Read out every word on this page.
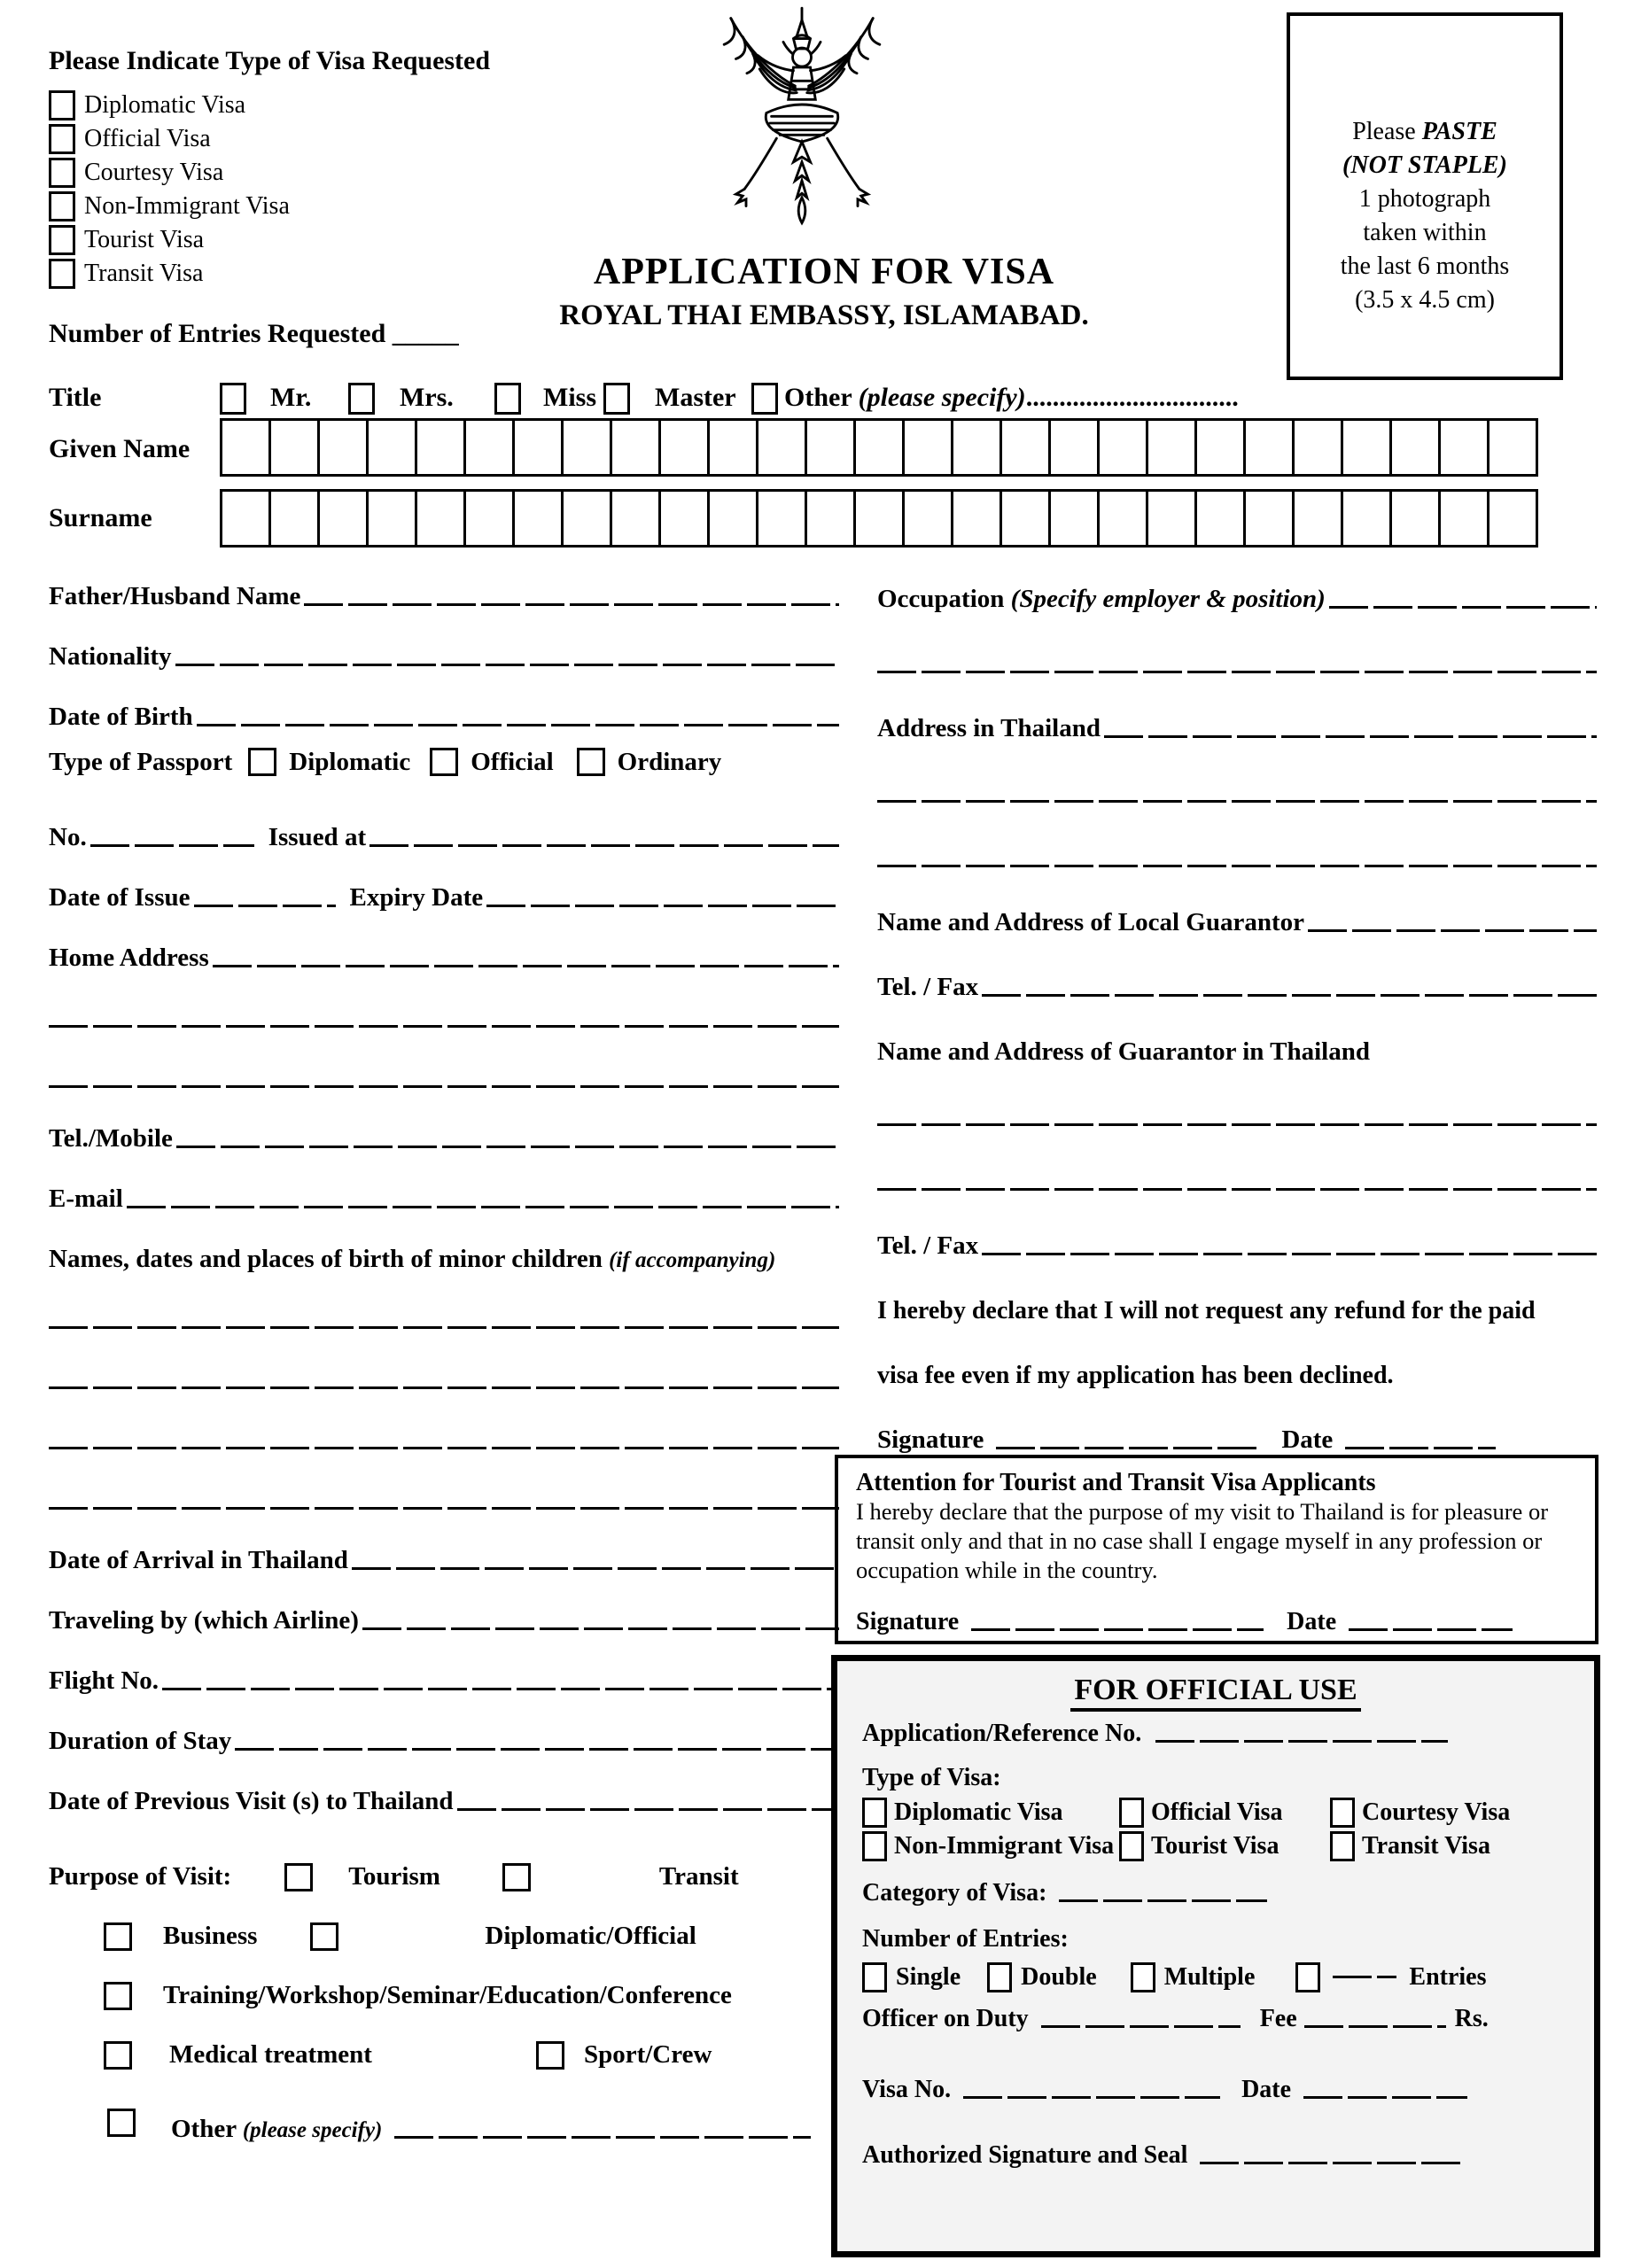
Please Indicate Type of Visa Requested
Diplomatic Visa
Official Visa
Courtesy Visa
Non-Immigrant Visa
Tourist Visa
Transit Visa
Please PASTE
(NOT STAPLE)
1 photograph
taken within
the last 6 months
(3.5 x 4.5 cm)
APPLICATION FOR VISA
ROYAL THAI EMBASSY, ISLAMABAD.
Number of Entries Requested _____
Title	Mr.	Mrs.	Miss Master Other (please specify)................................
Given Name
Surname
Father/Husband Name
Nationality
Date of Birth
Type of Passport Diplomatic Official Ordinary
No.	Issued at
Date of Issue	Expiry Date
Home Address
Tel./Mobile
E-mail
Names, dates and places of birth of minor children (if accompanying)
Date of Arrival in Thailand
Traveling by (which Airline)
Flight No.
Duration of Stay
Date of Previous Visit (s) to Thailand
Purpose of Visit:	Tourism	Transit
Business	Diplomatic/Official
Training/Workshop/Seminar/Education/Conference
Medical treatment	Sport/Crew
Other (please specify)
Occupation (Specify employer & position)
Address in Thailand
Name and Address of Local Guarantor
Tel. / Fax
Name and Address of Guarantor in Thailand
Tel. / Fax
I hereby declare that I will not request any refund for the paid
visa fee even if my application has been declined.
Signature	Date
Attention for Tourist and Transit Visa Applicants
I hereby declare that the purpose of my visit to Thailand is for pleasure or transit only and that in no case shall I engage myself in any profession or occupation while in the country.
Signature	Date
FOR OFFICIAL USE
Application/Reference No.
Type of Visa:
Diplomatic Visa	Official Visa	Courtesy Visa
Non-Immigrant Visa Tourist Visa	Transit Visa
Category of Visa:
Number of Entries:
Single Double	Multiple	Entries
Officer on Duty	Fee	Rs.
Visa No.	Date
Authorized Signature and Seal
